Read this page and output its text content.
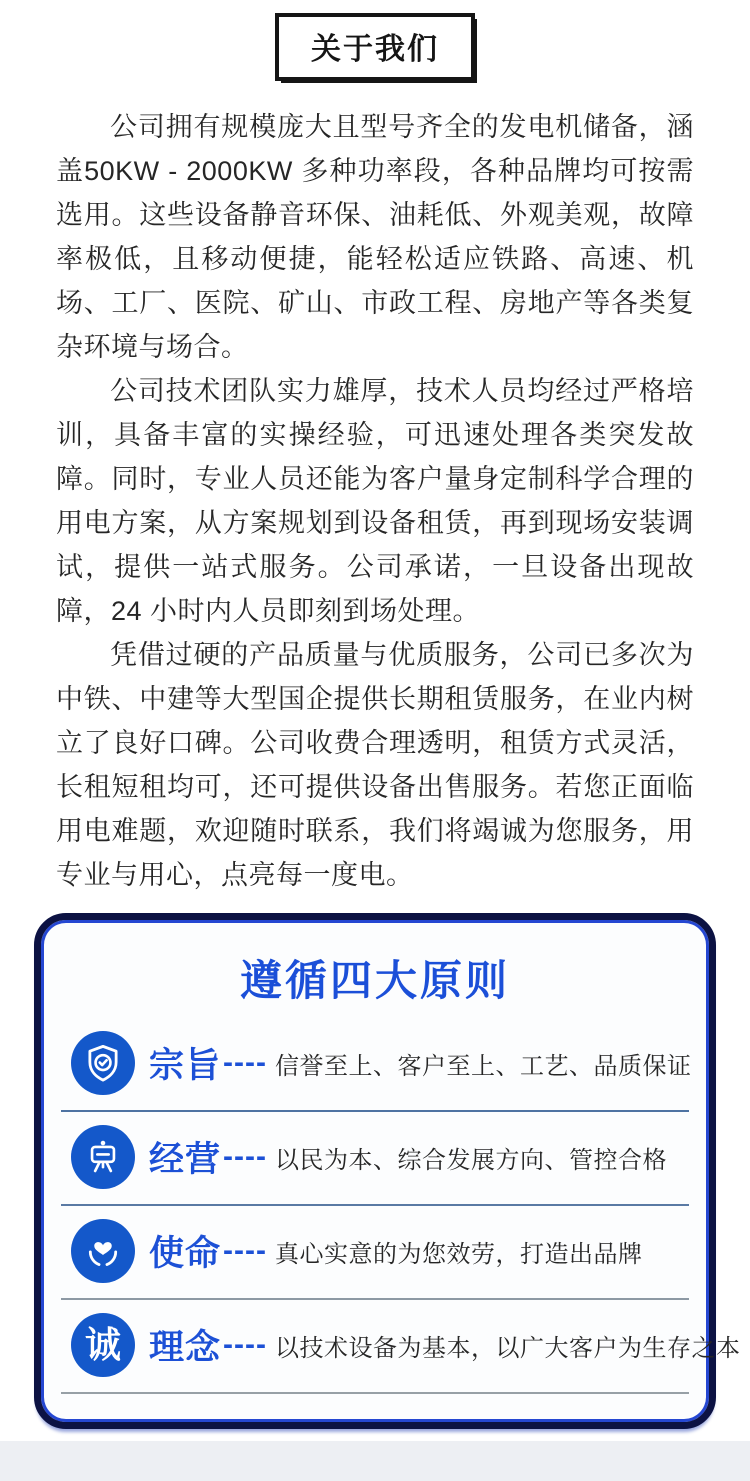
关于我们

公司拥有规模庞大且型号齐全的发电机储备，涵盖50KW - 2000KW 多种功率段，各种品牌均可按需选用。这些设备静音环保、油耗低、外观美观，故障率极低，且移动便捷，能轻松适应铁路、高速、机场、工厂、医院、矿山、市政工程、房地产等各类复杂环境与场合。

公司技术团队实力雄厚，技术人员均经过严格培训，具备丰富的实操经验，可迅速处理各类突发故障。同时，专业人员还能为客户量身定制科学合理的用电方案，从方案规划到设备租赁，再到现场安装调试，提供一站式服务。公司承诺，一旦设备出现故障，24 小时内人员即刻到场处理。

凭借过硬的产品质量与优质服务，公司已多次为中铁、中建等大型国企提供长期租赁服务，在业内树立了良好口碑。公司收费合理透明，租赁方式灵活，长租短租均可，还可提供设备出售服务。若您正面临用电难题，欢迎随时联系，我们将竭诚为您服务，用专业与用心，点亮每一度电。

遵循四大原则
宗旨 ---- 信誉至上、客户至上、工艺、品质保证
经营 ---- 以民为本、综合发展方向、管控合格
使命 ---- 真心实意的为您效劳，打造出品牌
诚 理念 ---- 以技术设备为基本，以广大客户为生存之本
